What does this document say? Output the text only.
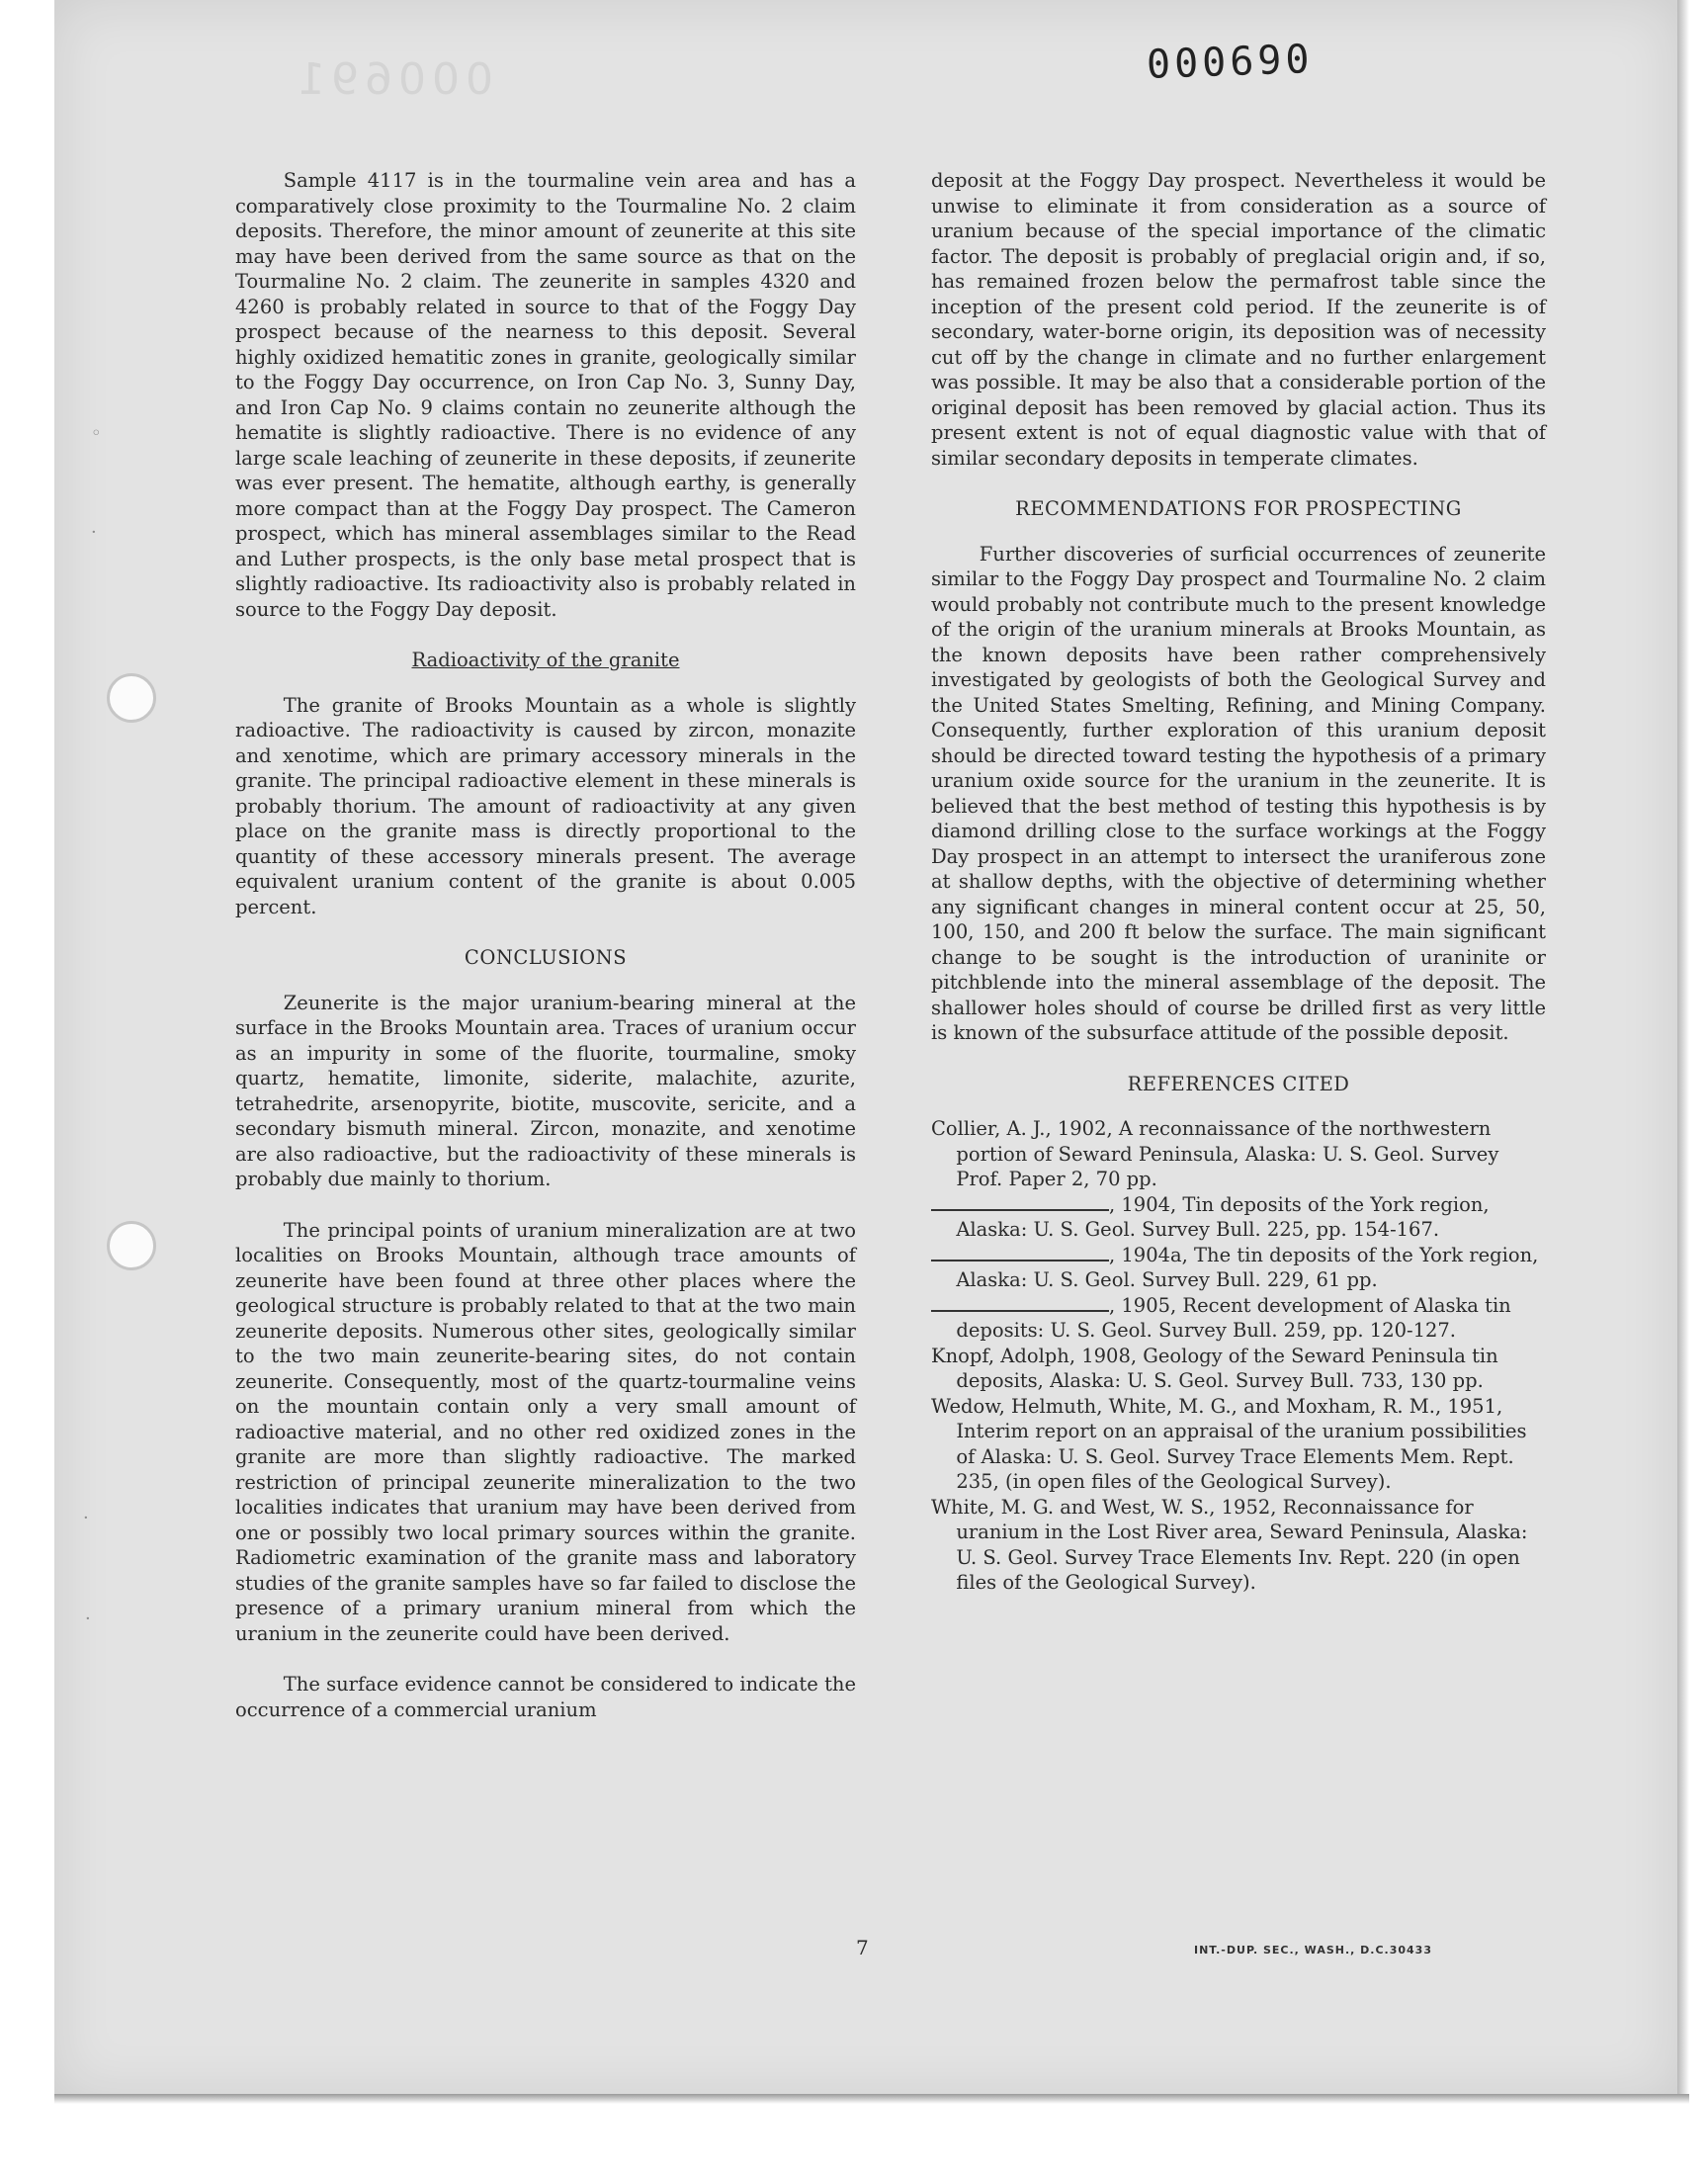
000691	000690
◦
·
·
·

Sample 4117 is in the tourmaline vein area and has a comparatively close proximity to the Tourmaline No. 2 claim deposits. Therefore, the minor amount of zeunerite at this site may have been derived from the same source as that on the Tourmaline No. 2 claim. The zeunerite in samples 4320 and 4260 is probably related in source to that of the Foggy Day prospect because of the nearness to this deposit. Several highly oxidized hematitic zones in granite, geologically similar to the Foggy Day occurrence, on Iron Cap No. 3, Sunny Day, and Iron Cap No. 9 claims contain no zeunerite although the hematite is slightly radioactive. There is no evidence of any large scale leaching of zeunerite in these deposits, if zeunerite was ever present. The hematite, although earthy, is generally more compact than at the Foggy Day prospect. The Cameron prospect, which has mineral assemblages similar to the Read and Luther prospects, is the only base metal prospect that is slightly radioactive. Its radioactivity also is probably related in source to the Foggy Day deposit.

Radioactivity of the granite

The granite of Brooks Mountain as a whole is slightly radioactive. The radioactivity is caused by zircon, monazite and xenotime, which are primary accessory minerals in the granite. The principal radioactive element in these minerals is probably thorium. The amount of radioactivity at any given place on the granite mass is directly proportional to the quantity of these accessory minerals present. The average equivalent uranium content of the granite is about 0.005 percent.

CONCLUSIONS

Zeunerite is the major uranium-bearing mineral at the surface in the Brooks Mountain area. Traces of uranium occur as an impurity in some of the fluorite, tourmaline, smoky quartz, hematite, limonite, siderite, malachite, azurite, tetrahedrite, arsenopyrite, biotite, muscovite, sericite, and a secondary bismuth mineral. Zircon, monazite, and xenotime are also radioactive, but the radioactivity of these minerals is probably due mainly to thorium.

The principal points of uranium mineralization are at two localities on Brooks Mountain, although trace amounts of zeunerite have been found at three other places where the geological structure is probably related to that at the two main zeunerite deposits. Numerous other sites, geologically similar to the two main zeunerite-bearing sites, do not contain zeunerite. Consequently, most of the quartz-tourmaline veins on the mountain contain only a very small amount of radioactive material, and no other red oxidized zones in the granite are more than slightly radioactive. The marked restriction of principal zeunerite mineralization to the two localities indicates that uranium may have been derived from one or possibly two local primary sources within the granite. Radiometric examination of the granite mass and laboratory studies of the granite samples have so far failed to disclose the presence of a primary uranium mineral from which the uranium in the zeunerite could have been derived.

The surface evidence cannot be considered to indicate the occurrence of a commercial uranium

deposit at the Foggy Day prospect. Nevertheless it would be unwise to eliminate it from consideration as a source of uranium because of the special importance of the climatic factor. The deposit is probably of preglacial origin and, if so, has remained frozen below the permafrost table since the inception of the present cold period. If the zeunerite is of secondary, water-borne origin, its deposition was of necessity cut off by the change in climate and no further enlargement was possible. It may be also that a considerable portion of the original deposit has been removed by glacial action. Thus its present extent is not of equal diagnostic value with that of similar secondary deposits in temperate climates.

RECOMMENDATIONS FOR PROSPECTING

Further discoveries of surficial occurrences of zeunerite similar to the Foggy Day prospect and Tourmaline No. 2 claim would probably not contribute much to the present knowledge of the origin of the uranium minerals at Brooks Mountain, as the known deposits have been rather comprehensively investigated by geologists of both the Geological Survey and the United States Smelting, Refining, and Mining Company. Consequently, further exploration of this uranium deposit should be directed toward testing the hypothesis of a primary uranium oxide source for the uranium in the zeunerite. It is believed that the best method of testing this hypothesis is by diamond drilling close to the surface workings at the Foggy Day prospect in an attempt to intersect the uraniferous zone at shallow depths, with the objective of determining whether any significant changes in mineral content occur at 25, 50, 100, 150, and 200 ft below the surface. The main significant change to be sought is the introduction of uraninite or pitchblende into the mineral assemblage of the deposit. The shallower holes should of course be drilled first as very little is known of the subsurface attitude of the possible deposit.

REFERENCES CITED
Collier, A. J., 1902, A reconnaissance of the northwestern portion of Seward Peninsula, Alaska: U. S. Geol. Survey Prof. Paper 2, 70 pp.
, 1904, Tin deposits of the York region, Alaska: U. S. Geol. Survey Bull. 225, pp. 154-167.
, 1904a, The tin deposits of the York region, Alaska: U. S. Geol. Survey Bull. 229, 61 pp.
, 1905, Recent development of Alaska tin deposits: U. S. Geol. Survey Bull. 259, pp. 120-127.
Knopf, Adolph, 1908, Geology of the Seward Peninsula tin deposits, Alaska: U. S. Geol. Survey Bull. 733, 130 pp.
Wedow, Helmuth, White, M. G., and Moxham, R. M., 1951, Interim report on an appraisal of the uranium possibilities of Alaska: U. S. Geol. Survey Trace Elements Mem. Rept. 235, (in open files of the Geological Survey).
White, M. G. and West, W. S., 1952, Reconnaissance for uranium in the Lost River area, Seward Peninsula, Alaska: U. S. Geol. Survey Trace Elements Inv. Rept. 220 (in open files of the Geological Survey).
7	INT.-DUP. SEC., WASH., D.C.30433
